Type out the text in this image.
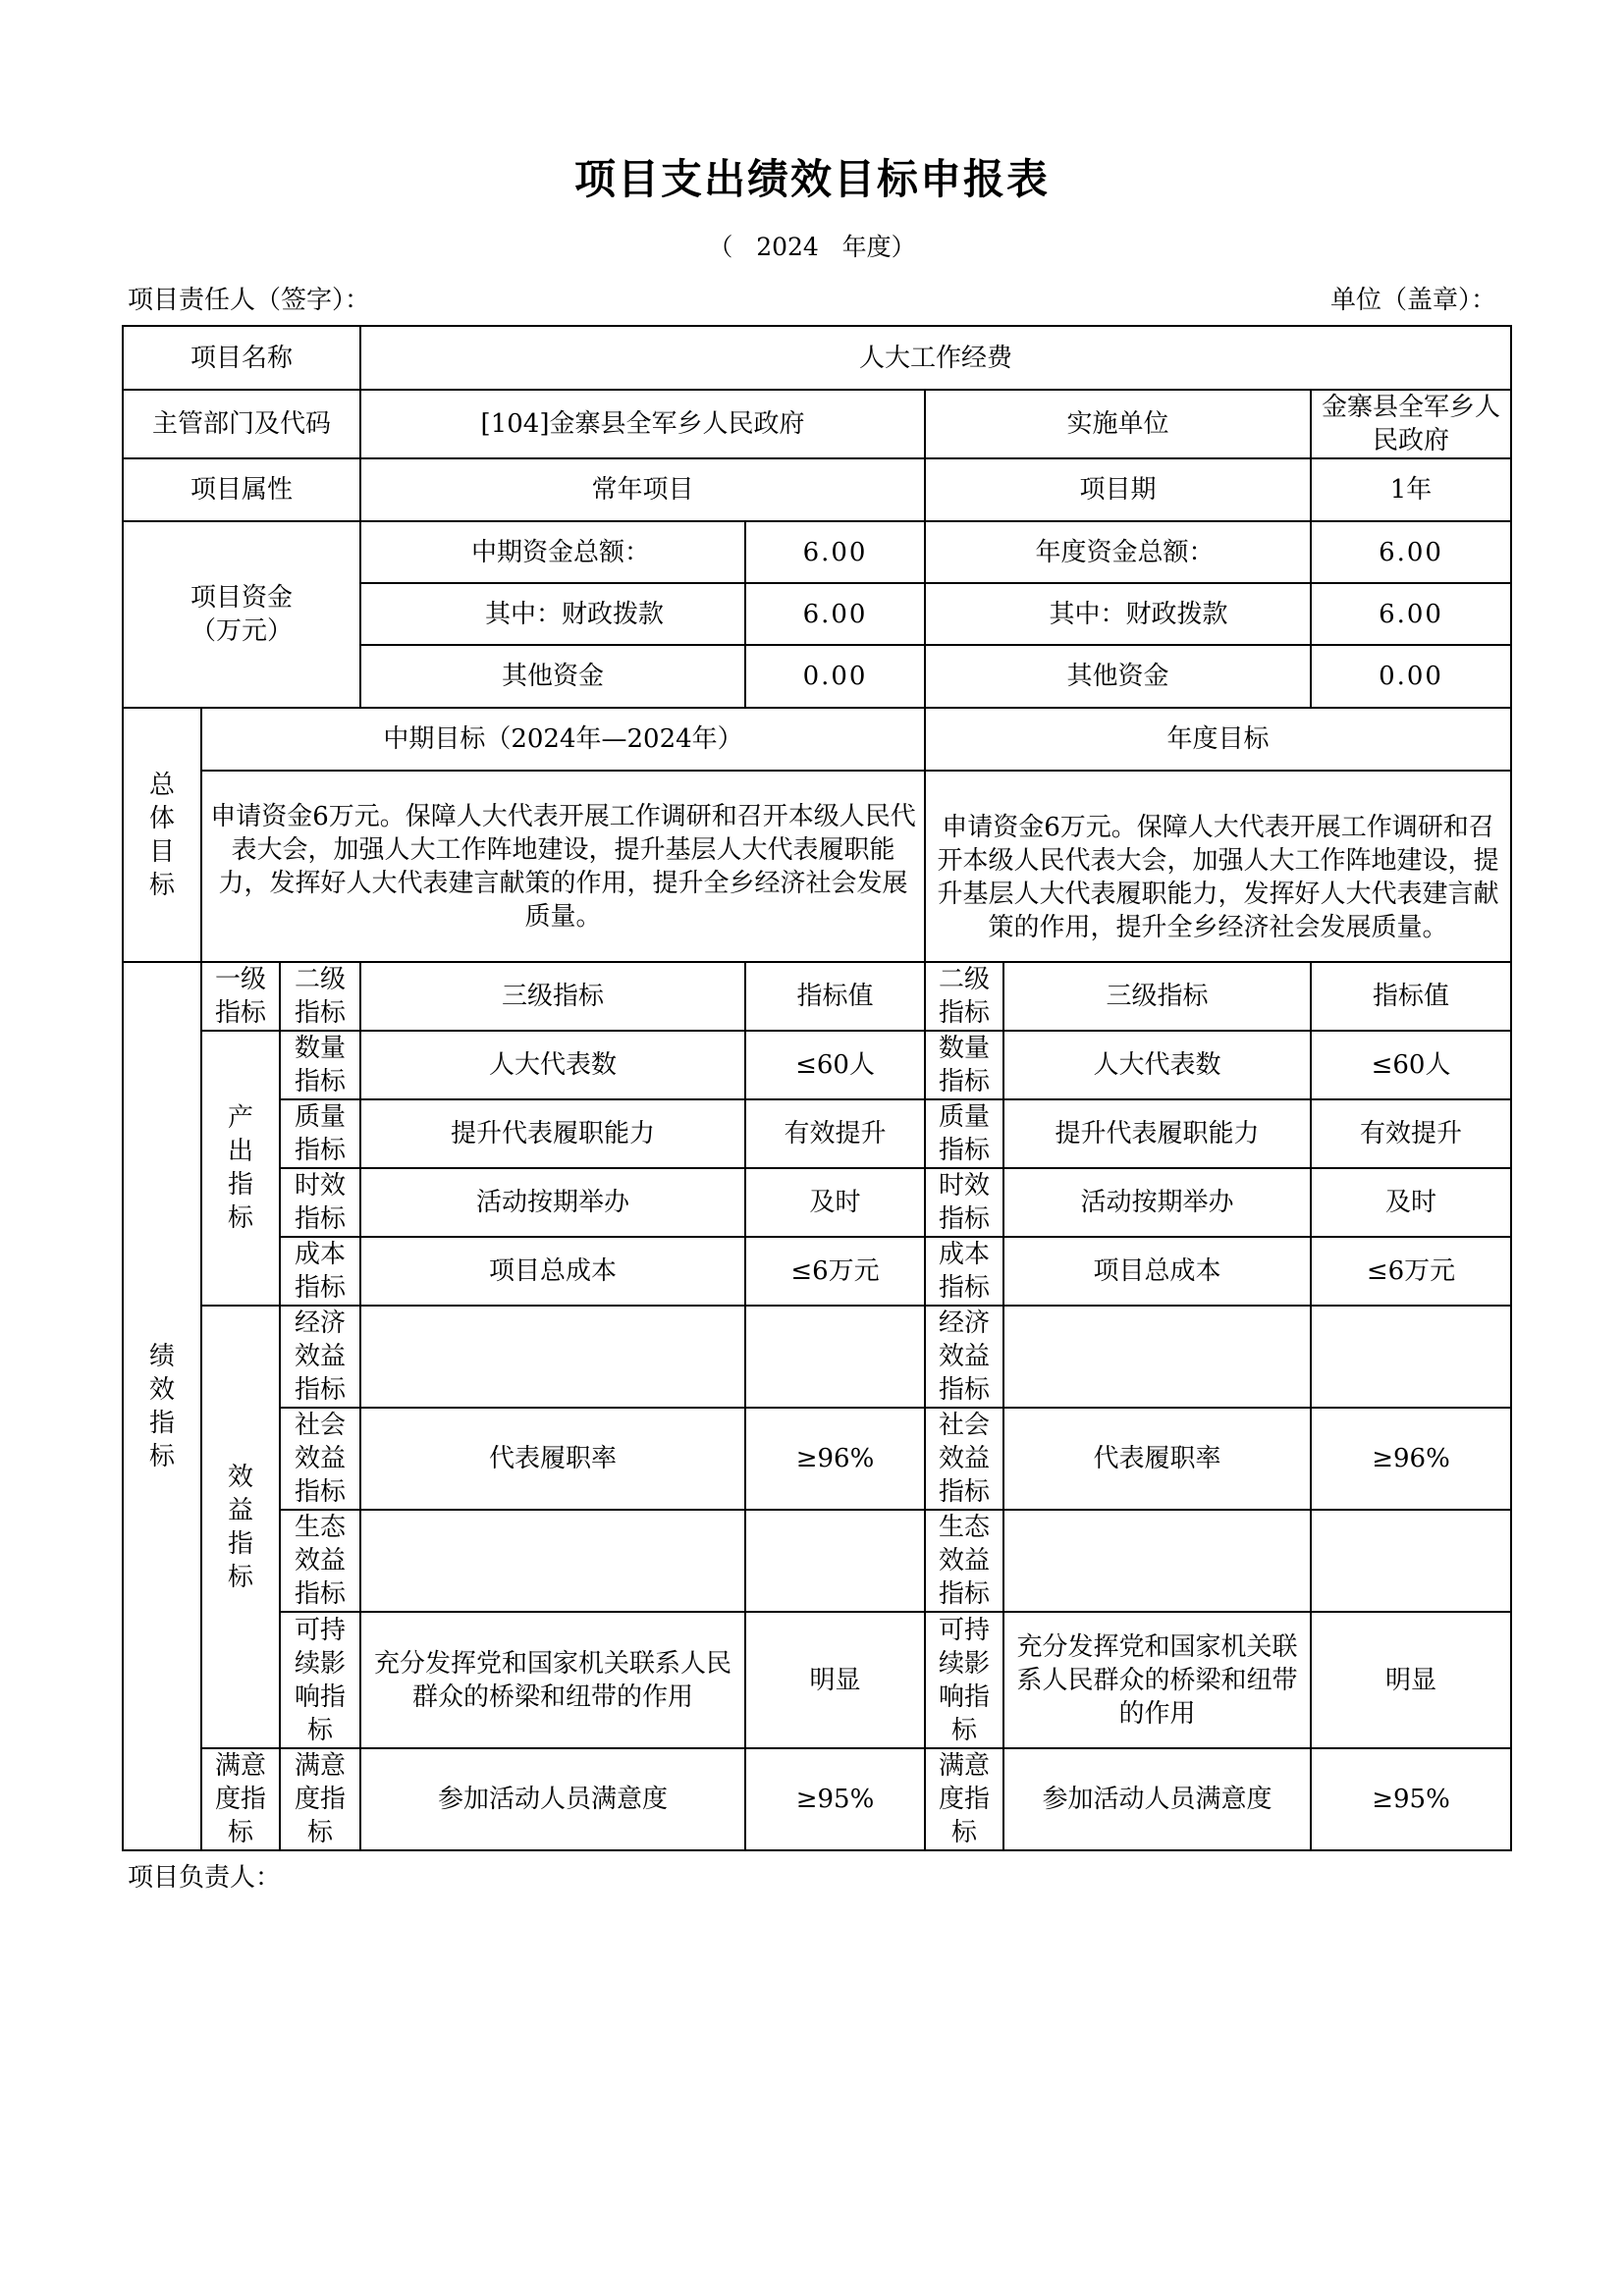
项目支出绩效目标申报表
（ 2024 年度）
项目责任人（签字）：	单位（盖章）：
项目名称			人大工作经费				
主管部门及代码			[104]金寨县全军乡人民政府		实施单位		金寨县全军乡人民政府
项目属性			常年项目		项目期		1年
项目资金（万元）			中期资金总额：	6.00	年度资金总额：		6.00
			其中：财政拨款	6.00	其中：财政拨款		6.00
			其他资金	0.00	其他资金		0.00
总体目标	中期目标（2024年—2024年）				年度目标		
	申请资金6万元。保障人大代表开展工作调研和召开本级人民代表大会，加强人大工作阵地建设，提升基层人大代表履职能力，发挥好人大代表建言献策的作用，提升全乡经济社会发展质量。				申请资金6万元。保障人大代表开展工作调研和召开本级人民代表大会，加强人大工作阵地建设，提升基层人大代表履职能力，发挥好人大代表建言献策的作用，提升全乡经济社会发展质量。		
绩效指标	一级指标	二级指标	三级指标	指标值	二级指标	三级指标	指标值
	产出指标	数量指标	人大代表数	≤60人	数量指标	人大代表数	≤60人
		质量指标	提升代表履职能力	有效提升	质量指标	提升代表履职能力	有效提升
		时效指标	活动按期举办	及时	时效指标	活动按期举办	及时
		成本指标	项目总成本	≤6万元	成本指标	项目总成本	≤6万元
	效益指标	经济效益指标			经济效益指标		
		社会效益指标	代表履职率	≥96%	社会效益指标	代表履职率	≥96%
		生态效益指标			生态效益指标		
		可持续影响指标	充分发挥党和国家机关联系人民群众的桥梁和纽带的作用	明显	可持续影响指标	充分发挥党和国家机关联系人民群众的桥梁和纽带的作用	明显
	满意度指标	满意度指标	参加活动人员满意度	≥95%	满意度指标	参加活动人员满意度	≥95%
项目负责人：
